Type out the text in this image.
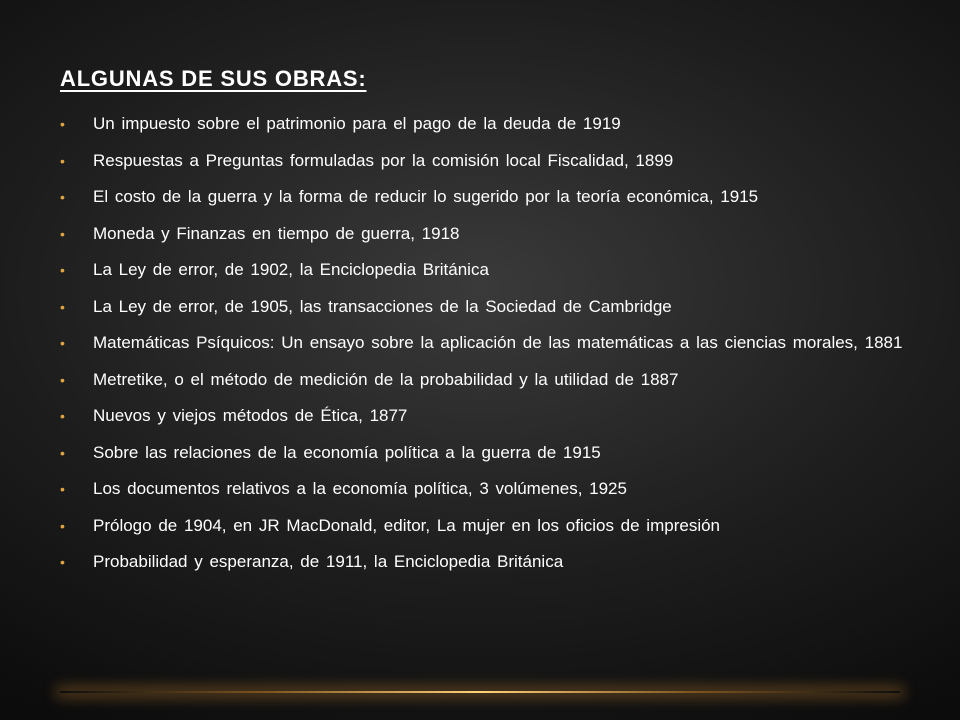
ALGUNAS DE SUS OBRAS:
• Un impuesto sobre el patrimonio para el pago de la deuda de 1919
• Respuestas a Preguntas formuladas por la comisión local Fiscalidad, 1899
• El costo de la guerra y la forma de reducir lo sugerido por la teoría económica, 1915
• Moneda y Finanzas en tiempo de guerra, 1918
• La Ley de error, de 1902, la Enciclopedia Británica
• La Ley de error, de 1905, las transacciones de la Sociedad de Cambridge
• Matemáticas Psíquicos: Un ensayo sobre la aplicación de las matemáticas a las ciencias morales, 1881
• Metretike, o el método de medición de la probabilidad y la utilidad de 1887
• Nuevos y viejos métodos de Ética, 1877
• Sobre las relaciones de la economía política a la guerra de 1915
• Los documentos relativos a la economía política, 3 volúmenes, 1925
• Prólogo de 1904, en JR MacDonald, editor, La mujer en los oficios de impresión
• Probabilidad y esperanza, de 1911, la Enciclopedia Británica
